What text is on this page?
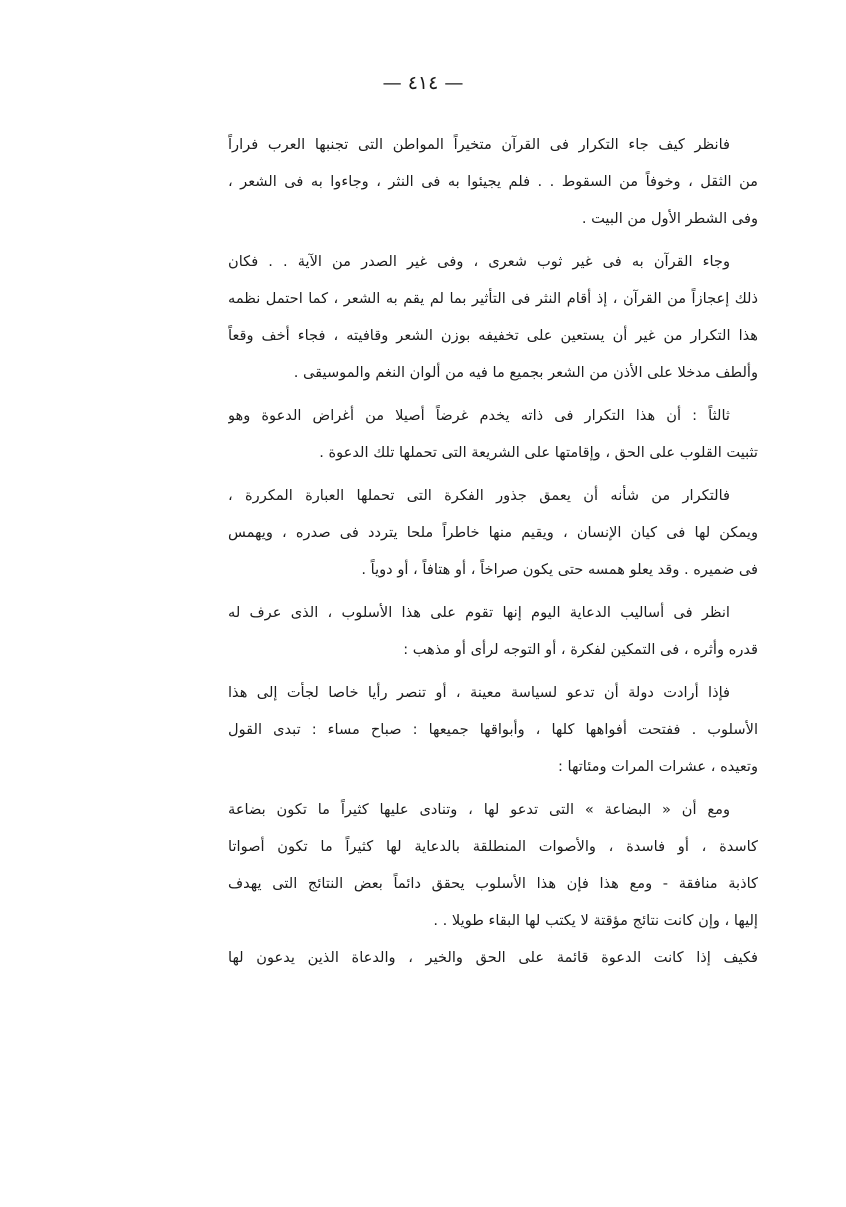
— ٤١٤ —
فانظر كيف جاء التكرار فى القرآن متخيراً المواطن التى تجنبها العرب فراراً
من الثقل ، وخوفاً من السقوط . . فلم يجيئوا به فى النثر ، وجاءوا به فى الشعر ،
وفى الشطر الأول من البيت .
وجاء القرآن به فى غير ثوب شعرى ، وفى غير الصدر من الآية . . فكان
ذلك إعجازاً من القرآن ، إذ أقام النثر فى التأثير بما لم يقم به الشعر ، كما احتمل نظمه
هذا التكرار من غير أن يستعين على تخفيفه بوزن الشعر وقافيته ، فجاء أخف وقعاً
وألطف مدخلا على الأذن من الشعر بجميع ما فيه من ألوان النغم والموسيقى .
ثالثاً : أن هذا التكرار فى ذاته يخدم غرضاً أصيلا من أغراض الدعوة وهو
تثبيت القلوب على الحق ، وإقامتها على الشريعة التى تحملها تلك الدعوة .
فالتكرار من شأنه أن يعمق جذور الفكرة التى تحملها العبارة المكررة ،
ويمكن لها فى كيان الإنسان ، ويقيم منها خاطراً ملحا يتردد فى صدره ، ويهمس
فى ضميره . وقد يعلو همسه حتى يكون صراخاً ، أو هتافاً ، أو دوياً .
انظر فى أساليب الدعاية اليوم إنها تقوم على هذا الأسلوب ، الذى عرف له
قدره وأثره ، فى التمكين لفكرة ، أو التوجه لرأى أو مذهب :
فإذا أرادت دولة أن تدعو لسياسة معينة ، أو تنصر رأيا خاصا لجأت إلى هذا
الأسلوب . ففتحت أفواهها كلها ، وأبواقها جميعها : صباح مساء : تبدى القول
وتعيده ، عشرات المرات ومئاتها :
ومع أن « البضاعة » التى تدعو لها ، وتنادى عليها كثيراً ما تكون بضاعة
كاسدة ، أو فاسدة ، والأصوات المنطلقة بالدعاية لها كثيراً ما تكون أصواتا
كاذبة منافقة - ومع هذا فإن هذا الأسلوب يحقق دائماً بعض النتائج التى يهدف
إليها ، وإن كانت نتائج مؤقتة لا يكتب لها البقاء طويلا . .
فكيف إذا كانت الدعوة قائمة على الحق والخير ، والدعاة الذين يدعون لها
